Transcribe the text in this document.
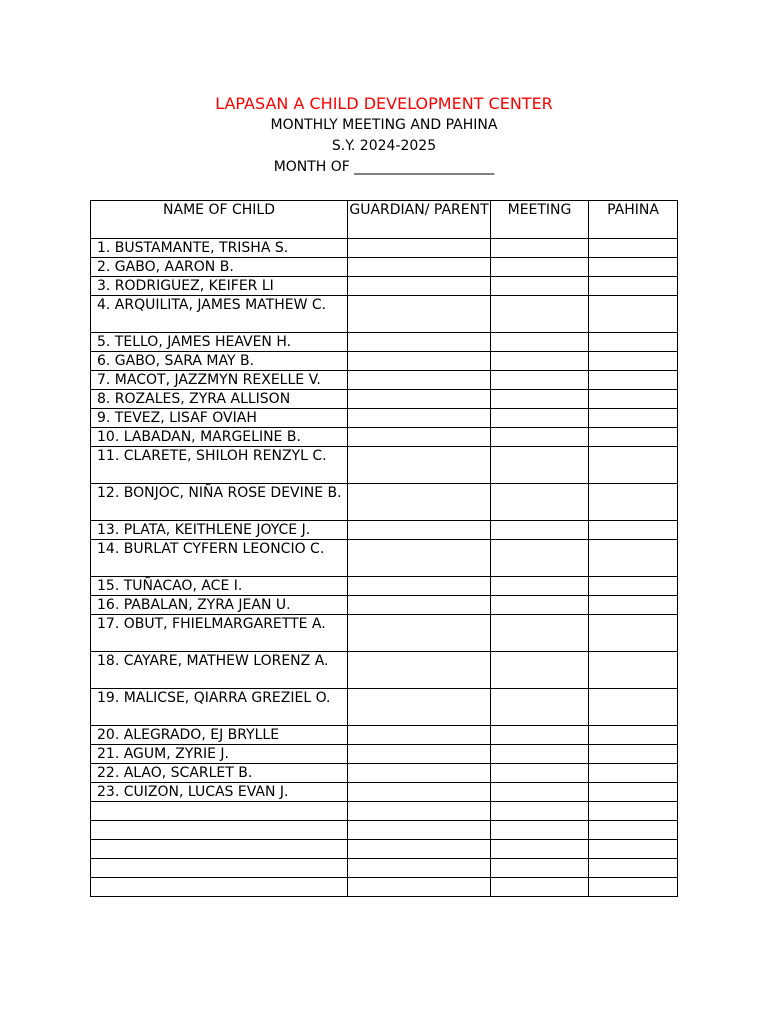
LAPASAN A CHILD DEVELOPMENT CENTER
MONTHLY MEETING AND PAHINA
S.Y. 2024-2025
MONTH OF ____________________
NAME OF CHILD	GUARDIAN/ PARENT	MEETING	PAHINA
1. BUSTAMANTE, TRISHA S.			
2. GABO, AARON B.			
3. RODRIGUEZ, KEIFER LI			
4. ARQUILITA, JAMES MATHEW C.			
5. TELLO, JAMES HEAVEN H.			
6. GABO, SARA MAY B.			
7. MACOT, JAZZMYN REXELLE V.			
8. ROZALES, ZYRA ALLISON			
9. TEVEZ, LISAF OVIAH			
10. LABADAN, MARGELINE B.			
11. CLARETE, SHILOH RENZYL C.			
12. BONJOC, NIÑA ROSE DEVINE B.			
13. PLATA, KEITHLENE JOYCE J.			
14. BURLAT CYFERN LEONCIO C.			
15. TUÑACAO, ACE I.			
16. PABALAN, ZYRA JEAN U.			
17. OBUT, FHIELMARGARETTE A.			
18. CAYARE, MATHEW LORENZ A.			
19. MALICSE, QIARRA GREZIEL O.			
20. ALEGRADO, EJ BRYLLE			
21. AGUM, ZYRIE J.			
22. ALAO, SCARLET B.			
23. CUIZON, LUCAS EVAN J.			
